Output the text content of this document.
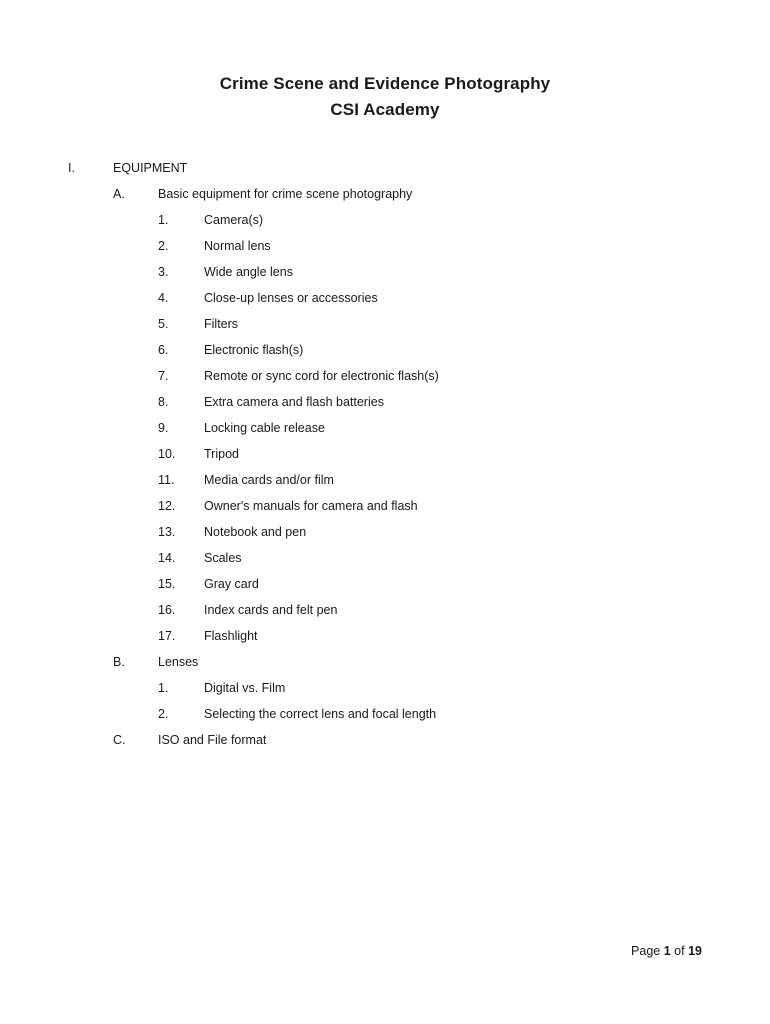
Crime Scene and Evidence Photography
CSI Academy
I.	EQUIPMENT
A.	Basic equipment for crime scene photography
1.	Camera(s)
2.	Normal lens
3.	Wide angle lens
4.	Close-up lenses or accessories
5.	Filters
6.	Electronic flash(s)
7.	Remote or sync cord for electronic flash(s)
8.	Extra camera and flash batteries
9.	Locking cable release
10. Tripod
11. Media cards and/or film
12. Owner's manuals for camera and flash
13. Notebook and pen
14. Scales
15. Gray card
16. Index cards and felt pen
17. Flashlight
B.	Lenses
1.	Digital vs. Film
2.	Selecting the correct lens and focal length
C.	ISO and File format
Page 1 of 19
